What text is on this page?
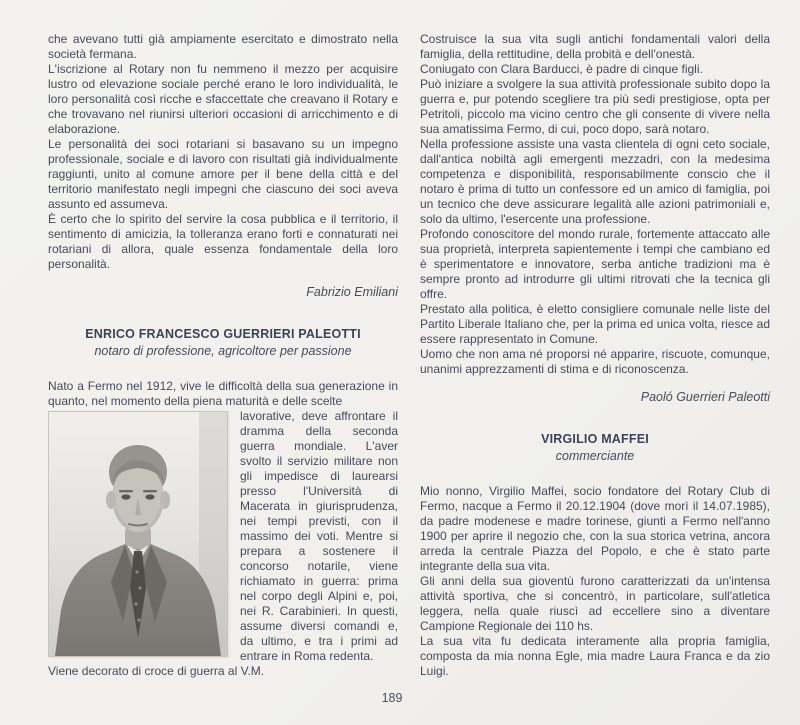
che avevano tutti già ampiamente esercitato e dimostrato nella società fermana.

L'iscrizione al Rotary non fu nemmeno il mezzo per acquisire lustro od elevazione sociale perché erano le loro individualità, le loro personalità così ricche e sfaccettate che creavano il Rotary e che trovavano nel riunirsi ulteriori occasioni di arricchimento e di elaborazione.

Le personalità dei soci rotariani si basavano su un impegno professionale, sociale e di lavoro con risultati già individualmente raggiunti, unito al comune amore per il bene della città e del territorio manifestato negli impegni che ciascuno dei soci aveva assunto ed assumeva.

È certo che lo spirito del servire la cosa pubblica e il territorio, il sentimento di amicizia, la tolleranza erano forti e connaturati nei rotariani di allora, quale essenza fondamentale della loro personalità.

Fabrizio Emiliani

ENRICO FRANCESCO GUERRIERI PALEOTTI

notaro di professione, agricoltore per passione

Nato a Fermo nel 1912, vive le difficoltà della sua generazione in quanto, nel momento della piena maturità e delle scelte

lavorative, deve affrontare il dramma della seconda guerra mondiale. L'aver svolto il servizio militare non gli impedisce di laurearsi presso l'Università di Macerata in giurisprudenza, nei tempi previsti, con il massimo dei voti. Mentre si prepara a sostenere il concorso notarile, viene richiamato in guerra: prima nel corpo degli Alpini e, poi, nei R. Carabinieri. In questi, assume diversi comandi e, da ultimo, e tra i primi ad entrare in Roma redenta.

Viene decorato di croce di guerra al V.M.

Costruisce la sua vita sugli antichi fondamentali valori della famiglia, della rettitudine, della probità e dell'onestà.

Coniugato con Clara Barducci, è padre di cinque figli.

Può iniziare a svolgere la sua attività professionale subito dopo la guerra e, pur potendo scegliere tra più sedi prestigiose, opta per Petritoli, piccolo ma vicino centro che gli consente di vivere nella sua amatissima Fermo, di cui, poco dopo, sarà notaro.

Nella professione assiste una vasta clientela di ogni ceto sociale, dall'antica nobiltà agli emergenti mezzadri, con la medesima competenza e disponibilità, responsabilmente conscio che il notaro è prima di tutto un confessore ed un amico di famiglia, poi un tecnico che deve assicurare legalità alle azioni patrimoniali e, solo da ultimo, l'esercente una professione.

Profondo conoscitore del mondo rurale, fortemente attaccato alle sua proprietà, interpreta sapientemente i tempi che cambiano ed è sperimentatore e innovatore, serba antiche tradizioni ma è sempre pronto ad introdurre gli ultimi ritrovati che la tecnica gli offre.

Prestato alla politica, è eletto consigliere comunale nelle liste del Partito Liberale Italiano che, per la prima ed unica volta, riesce ad essere rappresentato in Comune.

Uomo che non ama né proporsi né apparire, riscuote, comunque, unanimi apprezzamenti di stima e di riconoscenza.

Paoló Guerrieri Paleotti

VIRGILIO MAFFEI

commerciante

Mio nonno, Virgilio Maffei, socio fondatore del Rotary Club di Fermo, nacque a Fermo il 20.12.1904 (dove morì il 14.07.1985), da padre modenese e madre torinese, giunti a Fermo nell'anno 1900 per aprire il negozio che, con la sua storica vetrina, ancora arreda la centrale Piazza del Popolo, e che è stato parte integrante della sua vita.

Gli anni della sua gioventù furono caratterizzati da un'intensa attività sportiva, che si concentrò, in particolare, sull'atletica leggera, nella quale riuscì ad eccellere sino a diventare Campione Regionale dei 110 hs.

La sua vita fu dedicata interamente alla propria famiglia, composta da mia nonna Egle, mia madre Laura Franca e da zio Luigi.

189
